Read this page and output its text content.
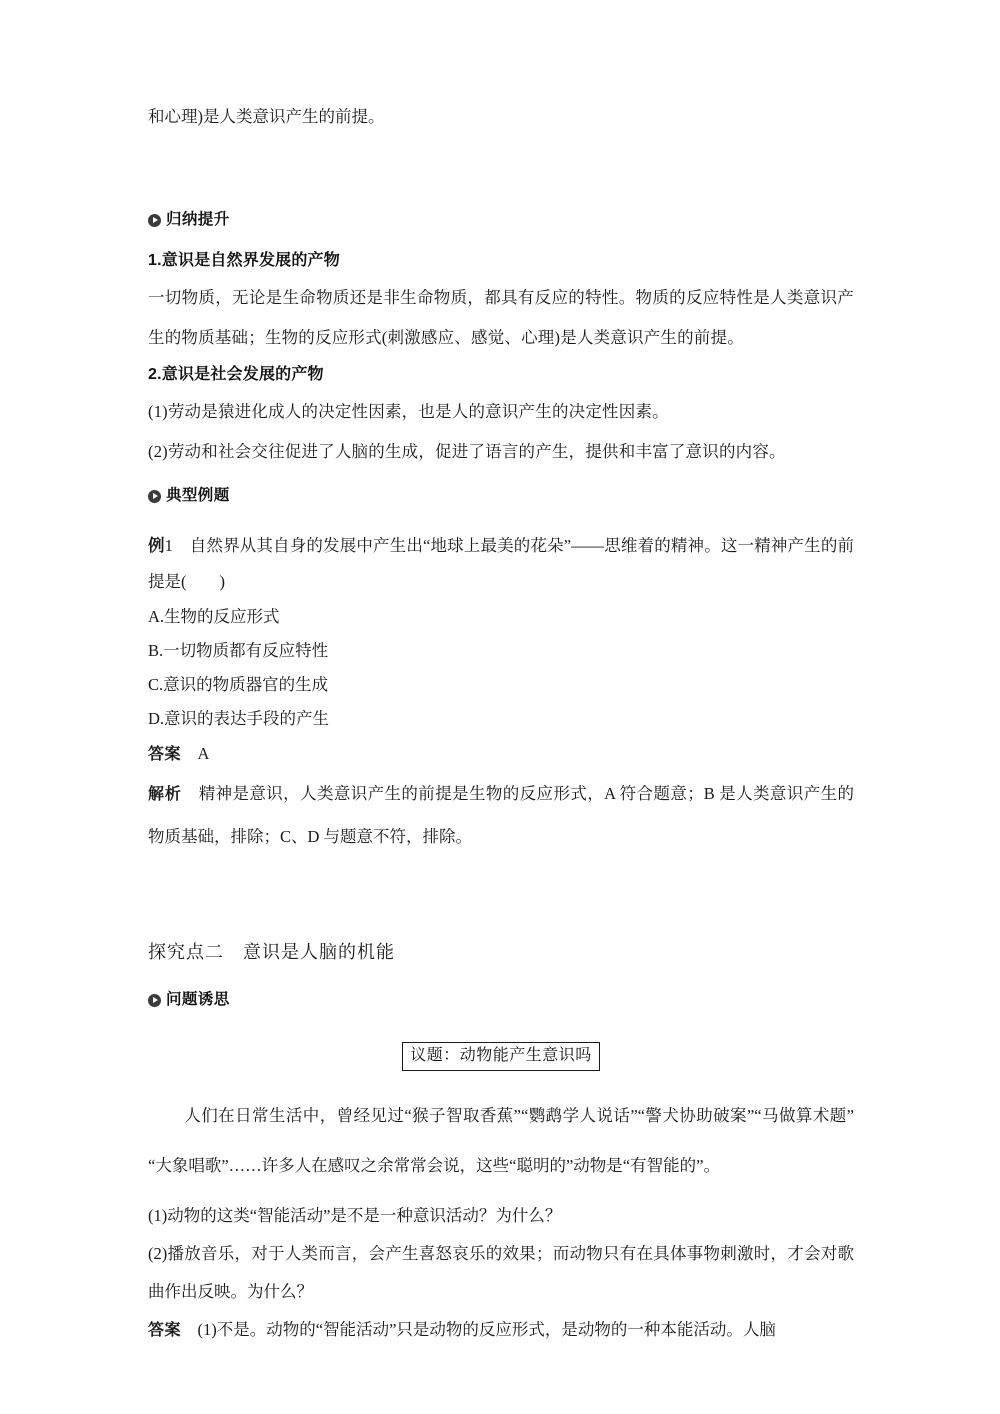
和心理)是人类意识产生的前提。

归纳提升

1.意识是自然界发展的产物

一切物质，无论是生命物质还是非生命物质，都具有反应的特性。物质的反应特性是人类意识产生的物质基础；生物的反应形式(刺激感应、感觉、心理)是人类意识产生的前提。

2.意识是社会发展的产物

(1)劳动是猿进化成人的决定性因素，也是人的意识产生的决定性因素。

(2)劳动和社会交往促进了人脑的生成，促进了语言的产生，提供和丰富了意识的内容。

典型例题

例1　 自然界从其自身的发展中产生出“地球上最美的花朵”——思维着的精神。这一精神产生的前提是(　　)

A.生物的反应形式

B.一切物质都有反应特性

C.意识的物质器官的生成

D.意识的表达手段的产生

答案　 A

解析　 精神是意识，人类意识产生的前提是生物的反应形式，A 符合题意；B 是人类意识产生的物质基础，排除；C、D 与题意不符，排除。

探究点二　意识是人脑的机能

问题诱思
议题：动物能产生意识吗

人们在日常生活中，曾经见过“猴子智取香蕉”“鹦鹉学人说话”“警犬协助破案”“马做算术题”“大象唱歌”……许多人在感叹之余常常会说，这些“聪明的”动物是“有智能的”。

(1)动物的这类“智能活动”是不是一种意识活动？为什么？

(2)播放音乐，对于人类而言，会产生喜怒哀乐的效果；而动物只有在具体事物刺激时，才会对歌曲作出反映。为什么？

答案　 (1)不是。动物的“智能活动”只是动物的反应形式，是动物的一种本能活动。人脑
